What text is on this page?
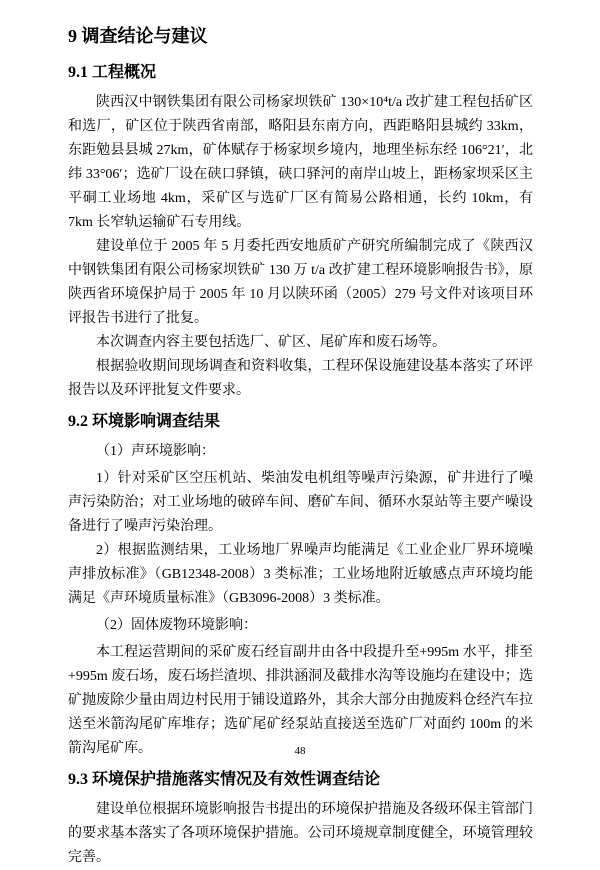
9 调查结论与建议
9.1 工程概况

陕西汉中钢铁集团有限公司杨家坝铁矿 130×10⁴t/a 改扩建工程包括矿区和选厂，矿区位于陕西省南部，略阳县东南方向，西距略阳县城约 33km，东距勉县县城 27km，矿体赋存于杨家坝乡境内，地理坐标东经 106°21′，北纬 33°06′；选矿厂设在硖口驿镇，硖口驿河的南岸山坡上，距杨家坝采区主平硐工业场地 4km，采矿区与选矿厂区有简易公路相通，长约 10km，有 7km 长窄轨运输矿石专用线。

建设单位于 2005 年 5 月委托西安地质矿产研究所编制完成了《陕西汉中钢铁集团有限公司杨家坝铁矿 130 万 t/a 改扩建工程环境影响报告书》，原陕西省环境保护局于 2005 年 10 月以陕环函（2005）279 号文件对该项目环评报告书进行了批复。

本次调查内容主要包括选厂、矿区、尾矿库和废石场等。

根据验收期间现场调查和资料收集，工程环保设施建设基本落实了环评报告以及环评批复文件要求。

9.2 环境影响调查结果

（1）声环境影响：

1）针对采矿区空压机站、柴油发电机组等噪声污染源，矿井进行了噪声污染防治；对工业场地的破碎车间、磨矿车间、循环水泵站等主要产噪设备进行了噪声污染治理。

2）根据监测结果，工业场地厂界噪声均能满足《工业企业厂界环境噪声排放标准》（GB12348-2008）3 类标准；工业场地附近敏感点声环境均能满足《声环境质量标准》（GB3096-2008）3 类标准。

（2）固体废物环境影响：

本工程运营期间的采矿废石经盲副井由各中段提升至+995m 水平，排至+995m 废石场，废石场拦渣坝、排洪涵洞及截排水沟等设施均在建设中；选矿抛废除少量由周边村民用于铺设道路外，其余大部分由抛废料仓经汽车拉送至米箭沟尾矿库堆存；选矿尾矿经泵站直接送至选矿厂对面约 100m 的米箭沟尾矿库。

9.3 环境保护措施落实情况及有效性调查结论

建设单位根据环境影响报告书提出的环境保护措施及各级环保主管部门的要求基本落实了各项环境保护措施。公司环境规章制度健全，环境管理较完善。

48
